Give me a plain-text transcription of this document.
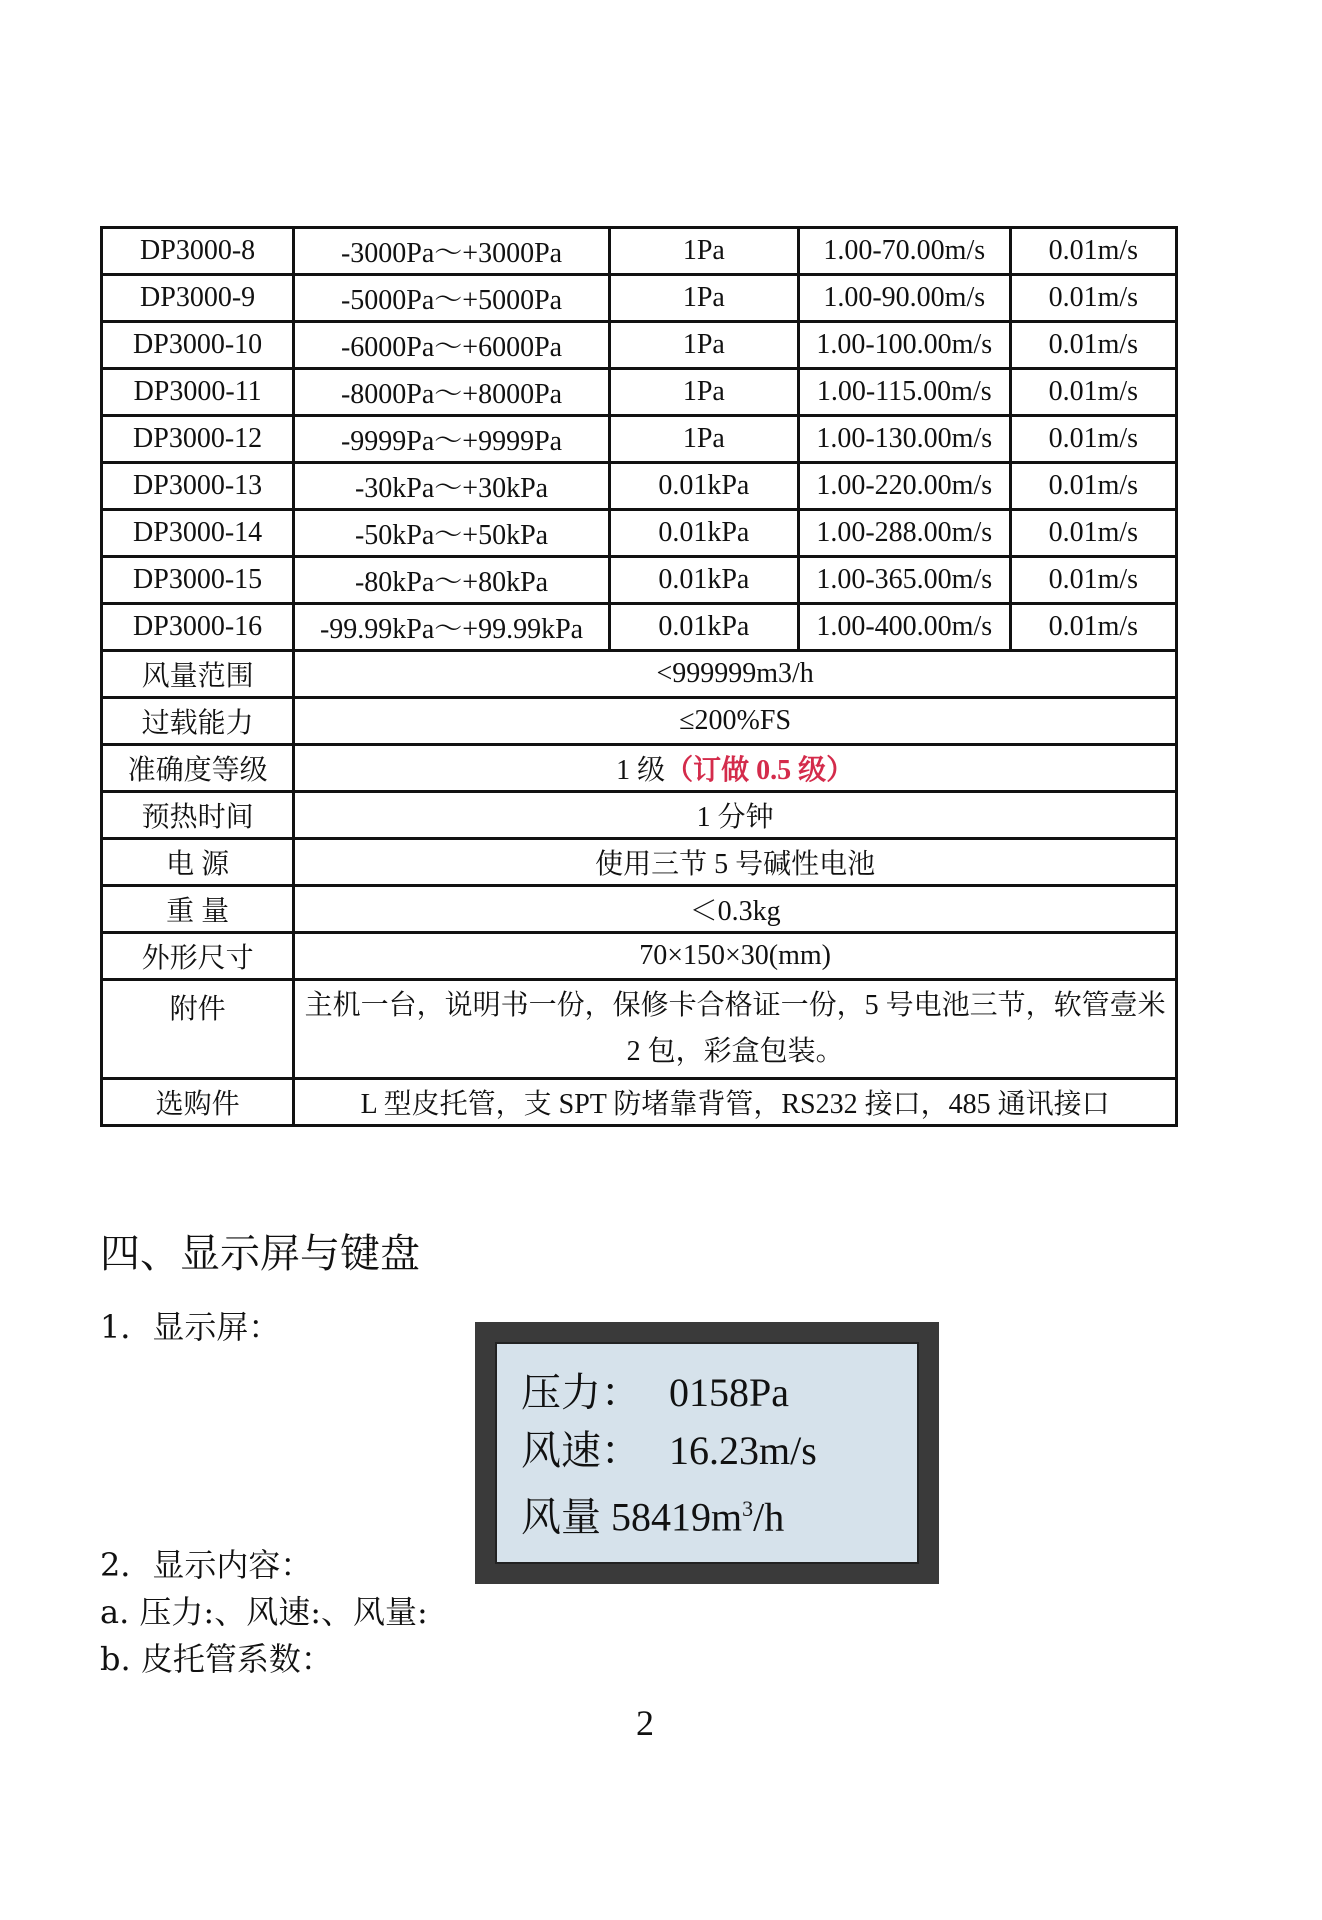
DP3000-8	-3000Pa～+3000Pa	1Pa	1.00-70.00m/s	0.01m/s
DP3000-9	-5000Pa～+5000Pa	1Pa	1.00-90.00m/s	0.01m/s
DP3000-10	-6000Pa～+6000Pa	1Pa	1.00-100.00m/s	0.01m/s
DP3000-11	-8000Pa～+8000Pa	1Pa	1.00-115.00m/s	0.01m/s
DP3000-12	-9999Pa～+9999Pa	1Pa	1.00-130.00m/s	0.01m/s
DP3000-13	-30kPa～+30kPa	0.01kPa	1.00-220.00m/s	0.01m/s
DP3000-14	-50kPa～+50kPa	0.01kPa	1.00-288.00m/s	0.01m/s
DP3000-15	-80kPa～+80kPa	0.01kPa	1.00-365.00m/s	0.01m/s
DP3000-16	-99.99kPa～+99.99kPa	0.01kPa	1.00-400.00m/s	0.01m/s
风量范围	<999999m3/h			
过载能力	≤200%FS			
准确度等级	1 级（订做 0.5 级）			
预热时间	1 分钟			
电 源	使用三节 5 号碱性电池			
重 量	＜0.3kg			
外形尺寸	70×150×30(mm)			
附件	主机一台，说明书一份，保修卡合格证一份，5 号电池三节，软管壹米 2 包，彩盒包装。			
选购件	L 型皮托管，支 SPT 防堵靠背管，RS232 接口，485 通讯接口			
四、显示屏与键盘
1．显示屏：
压力： 0158Pa
风速： 16.23m/s
风量 $58419m^3/h$
2．显示内容：
a. 压力:、风速:、风量:
b. 皮托管系数：
2
